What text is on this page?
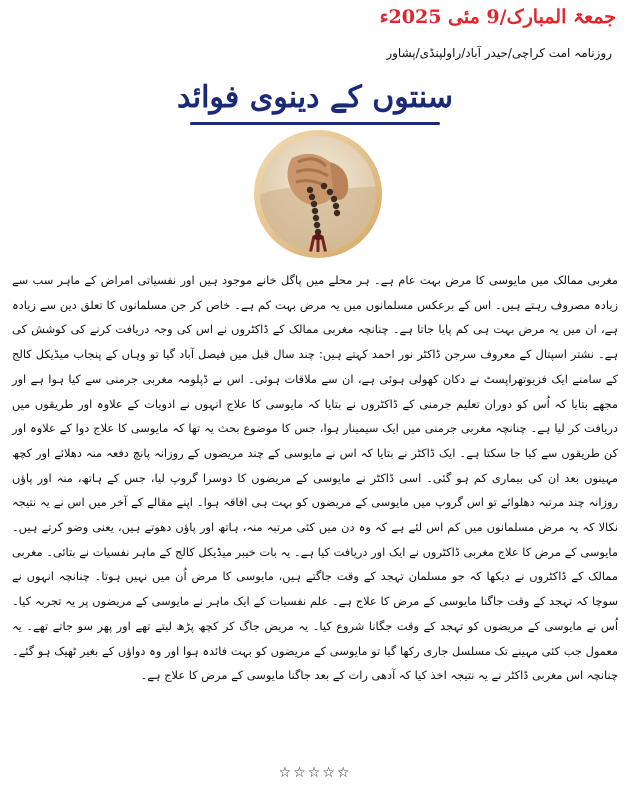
جمعۃ المبارک/9 مئی 2025ء
روزنامہ امت کراچی/حیدر آباد/راولپنڈی/پشاور
سنتوں کے دینوی فوائد

مغربی ممالک میں مایوسی کا مرض بہت عام ہے۔ ہر محلے میں پاگل خانے موجود ہیں اور نفسیاتی امراض کے ماہر سب سے زیادہ مصروف رہتے ہیں۔ اس کے برعکس مسلمانوں میں یہ مرض بہت کم ہے۔ خاص کر جن مسلمانوں کا تعلق دین سے زیادہ ہے، ان میں یہ مرض بہت ہی کم پایا جاتا ہے۔ چنانچہ مغربی ممالک کے ڈاکٹروں نے اس کی وجہ دریافت کرنے کی کوشش کی ہے۔ نشتر اسپتال کے معروف سرجن ڈاکٹر نور احمد کہتے ہیں: چند سال قبل میں فیصل آباد گیا تو وہاں کے پنجاب میڈیکل کالج کے سامنے ایک فزیوتھراپسٹ نے دکان کھولی ہوئی ہے، ان سے ملاقات ہوئی۔ اس نے ڈپلومہ مغربی جرمنی سے کیا ہوا ہے اور مجھے بتایا کہ اُس کو دوران تعلیم جرمنی کے ڈاکٹروں نے بتایا کہ مایوسی کا علاج انہوں نے ادویات کے علاوہ اور طریقوں میں دریافت کر لیا ہے۔ چنانچہ مغربی جرمنی میں ایک سیمینار ہوا، جس کا موضوع بحث یہ تھا کہ مایوسی کا علاج دوا کے علاوہ اور کن طریقوں سے کیا جا سکتا ہے۔ ایک ڈاکٹر نے بتایا کہ اس نے مایوسی کے چند مریضوں کے روزانہ پانچ دفعہ منہ دھلائے اور کچھ مہینوں بعد ان کی بیماری کم ہو گئی۔ اسی ڈاکٹر نے مایوسی کے مریضوں کا دوسرا گروپ لیا، جس کے ہاتھ، منہ اور پاؤں روزانہ چند مرتبہ دھلوائے تو اس گروپ میں مایوسی کے مریضوں کو بہت ہی افاقہ ہوا۔ اپنے مقالے کے آخر میں اس نے یہ نتیجہ نکالا کہ یہ مرض مسلمانوں میں کم اس لئے ہے کہ وہ دن میں کئی مرتبہ منہ، ہاتھ اور پاؤں دھوتے ہیں، یعنی وضو کرتے ہیں۔ مایوسی کے مرض کا علاج مغربی ڈاکٹروں نے ایک اور دریافت کیا ہے۔ یہ بات خیبر میڈیکل کالج کے ماہر نفسیات نے بتائی۔ مغربی ممالک کے ڈاکٹروں نے دیکھا کہ جو مسلمان تہجد کے وقت جاگتے ہیں، مایوسی کا مرض اُن میں نہیں ہوتا۔ چنانچہ انہوں نے سوچا کہ تہجد کے وقت جاگنا مایوسی کے مرض کا علاج ہے۔ علم نفسیات کے ایک ماہر نے مایوسی کے مریضوں پر یہ تجربہ کیا۔ اُس نے مایوسی کے مریضوں کو تہجد کے وقت جگانا شروع کیا۔ یہ مریض جاگ کر کچھ پڑھ لیتے تھے اور پھر سو جاتے تھے۔ یہ معمول جب کئی مہینے تک مسلسل جاری رکھا گیا تو مایوسی کے مریضوں کو بہت فائدہ ہوا اور وہ دواؤں کے بغیر ٹھیک ہو گئے۔ چنانچہ اس مغربی ڈاکٹر نے یہ نتیجہ اخذ کیا کہ آدھی رات کے بعد جاگنا مایوسی کے مرض کا علاج ہے۔

☆☆☆☆☆
